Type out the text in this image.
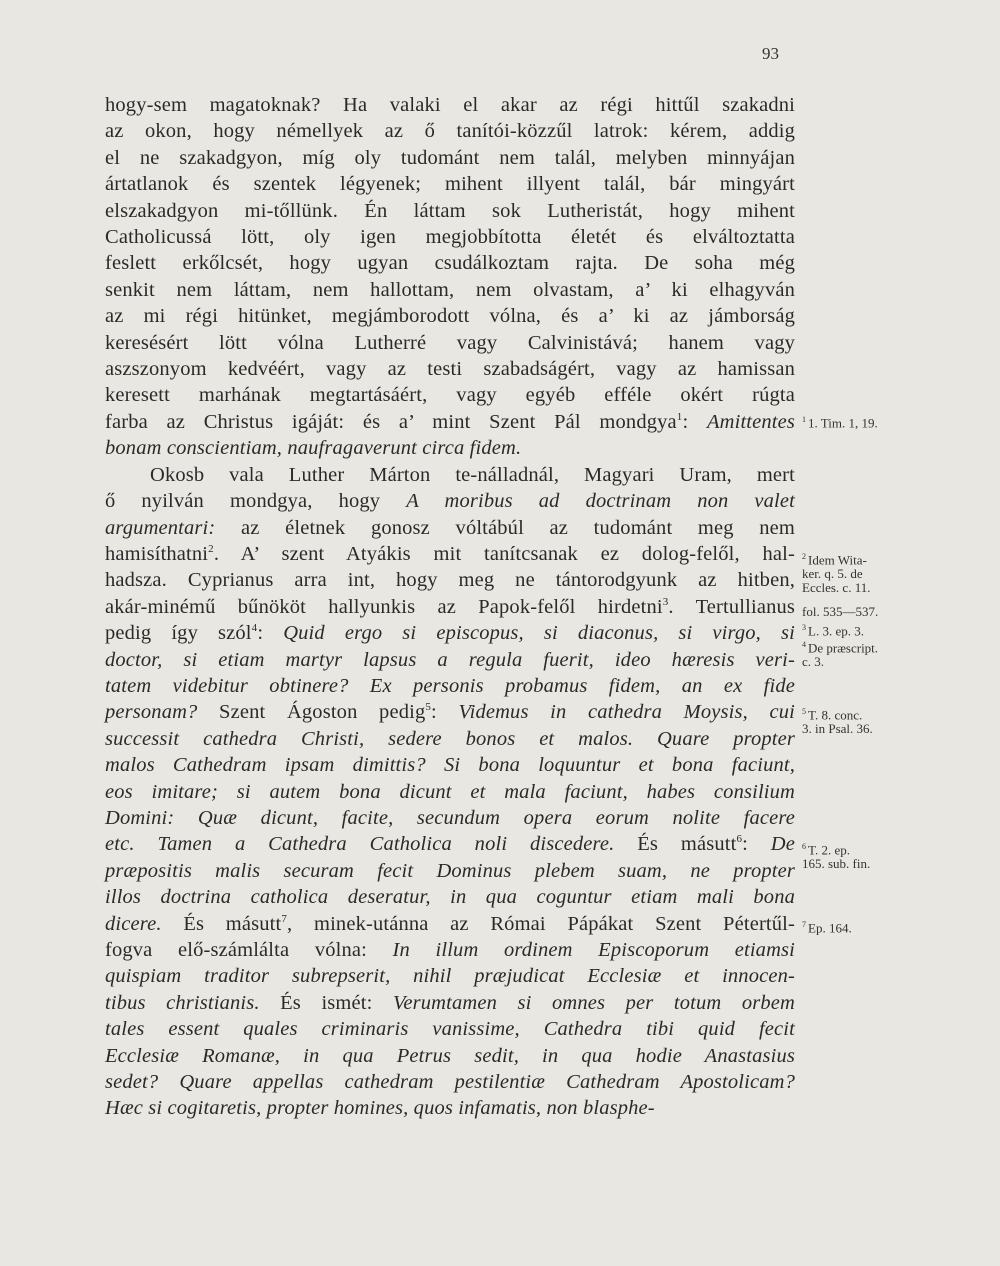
93
hogy-sem magatoknak? Ha valaki el akar az régi hittűl szakadni
az okon, hogy némellyek az ő tanítói-közzűl latrok: kérem, addig
el ne szakadgyon, míg oly tudománt nem talál, melyben minnyájan
ártatlanok és szentek légyenek; mihent illyent talál, bár mingyárt
elszakadgyon mi-tőllünk. Én láttam sok Lutheristát, hogy mihent
Catholicussá lött, oly igen megjobbította életét és elváltoztatta
feslett erkőlcsét, hogy ugyan csudálkoztam rajta. De soha még
senkit nem láttam, nem hallottam, nem olvastam, a’ ki elhagyván
az mi régi hitünket, megjámborodott vólna, és a’ ki az jámborság
keresésért lött vólna Lutherré vagy Calvinistává; hanem vagy
aszszonyom kedvéért, vagy az testi szabadságért, vagy az hamissan
keresett marhának megtartásáért, vagy egyéb efféle okért rúgta
farba az Christus igáját: és a’ mint Szent Pál mondgya$^1$: Amittentes
bonam conscientiam, naufragaverunt circa fidem.
Okosb vala Luther Márton te-nálladnál, Magyari Uram, mert
ő nyilván mondgya, hogy A moribus ad doctrinam non valet
argumentari: az életnek gonosz vóltábúl az tudománt meg nem
hamisíthatni$^2$. A’ szent Atyákis mit tanítcsanak ez dolog-felől, hal-
hadsza. Cyprianus arra int, hogy meg ne tántorodgyunk az hitben,
akár-minémű bűnököt hallyunkis az Papok-felől hirdetni$^3$. Tertullianus
pedig így szól$^4$: Quid ergo si episcopus, si diaconus, si virgo, si
doctor, si etiam martyr lapsus a regula fuerit, ideo hæresis veri-
tatem videbitur obtinere? Ex personis probamus fidem, an ex fide
personam? Szent Ágoston pedig$^5$: Videmus in cathedra Moysis, cui
successit cathedra Christi, sedere bonos et malos. Quare propter
malos Cathedram ipsam dimittis? Si bona loquuntur et bona faciunt,
eos imitare; si autem bona dicunt et mala faciunt, habes consilium
Domini: Quæ dicunt, facite, secundum opera eorum nolite facere
etc. Tamen a Cathedra Catholica noli discedere. És másutt$^6$: De
præpositis malis securam fecit Dominus plebem suam, ne propter
illos doctrina catholica deseratur, in qua coguntur etiam mali bona
dicere. És másutt$^7$, minek-utánna az Római Pápákat Szent Pétertűl-
fogva elő-számlálta vólna: In illum ordinem Episcoporum etiamsi
quispiam traditor subrepserit, nihil præjudicat Ecclesiæ et innocen-
tibus christianis. És ismét: Verumtamen si omnes per totum orbem
tales essent quales criminaris vanissime, Cathedra tibi quid fecit
Ecclesiæ Romanæ, in qua Petrus sedit, in qua hodie Anastasius
sedet? Quare appellas cathedram pestilentiæ Cathedram Apostolicam?
Hæc si cogitaretis, propter homines, quos infamatis, non blasphe-
$^1$ 1. Tim. 1, 19.
$^2$ Idem Wita-
ker. q. 5. de
Eccles. c. 11.
fol. 535—537.
$^3$ L. 3. ep. 3.
$^4$ De præscript.
c. 3.
$^5$ T. 8. conc.
3. in Psal. 36.
$^6$ T. 2. ep.
165. sub. fin.
$^7$ Ep. 164.
